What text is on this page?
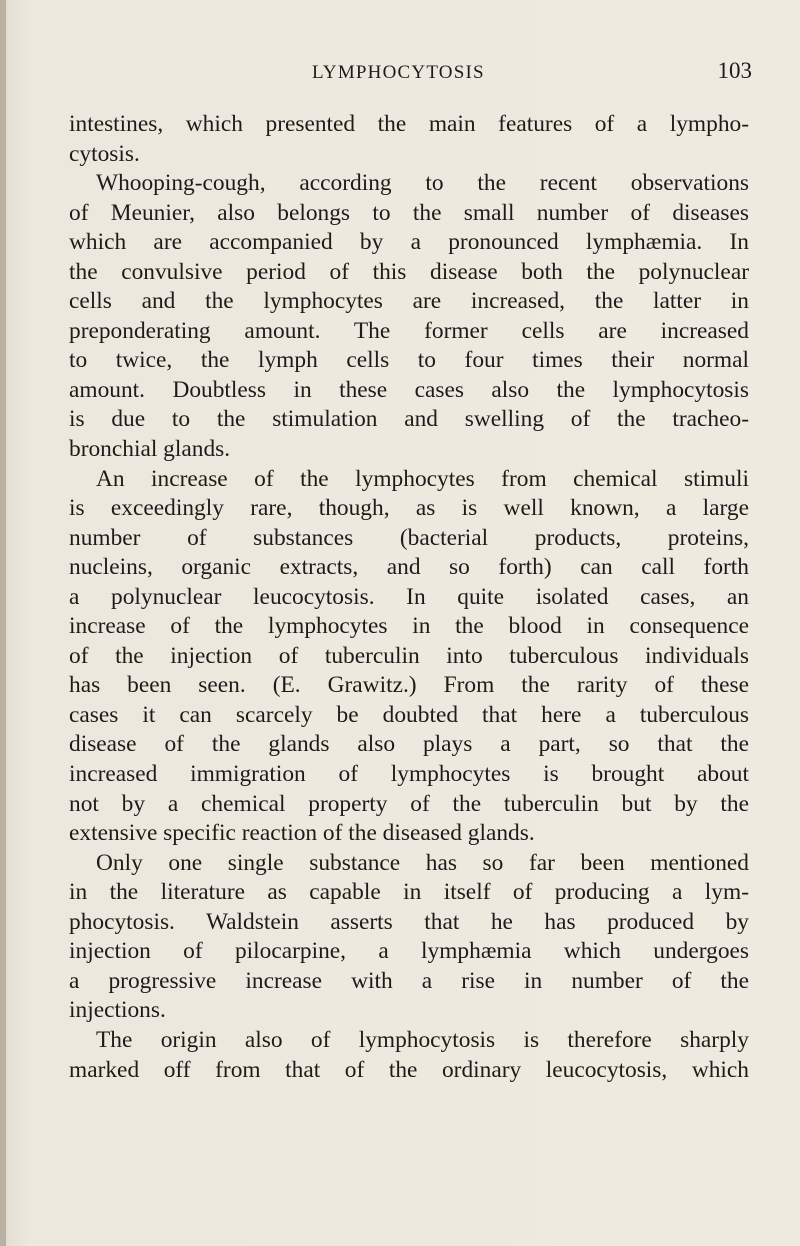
LYMPHOCYTOSIS	103
intestines, which presented the main features of a lympho-
cytosis.
Whooping-cough, according to the recent observations
of Meunier, also belongs to the small number of diseases
which are accompanied by a pronounced lymphæmia. In
the convulsive period of this disease both the polynuclear
cells and the lymphocytes are increased, the latter in
preponderating amount. The former cells are increased
to twice, the lymph cells to four times their normal
amount. Doubtless in these cases also the lymphocytosis
is due to the stimulation and swelling of the tracheo-
bronchial glands.
An increase of the lymphocytes from chemical stimuli
is exceedingly rare, though, as is well known, a large
number of substances (bacterial products, proteins,
nucleins, organic extracts, and so forth) can call forth
a polynuclear leucocytosis. In quite isolated cases, an
increase of the lymphocytes in the blood in consequence
of the injection of tuberculin into tuberculous individuals
has been seen. (E. Grawitz.) From the rarity of these
cases it can scarcely be doubted that here a tuberculous
disease of the glands also plays a part, so that the
increased immigration of lymphocytes is brought about
not by a chemical property of the tuberculin but by the
extensive specific reaction of the diseased glands.
Only one single substance has so far been mentioned
in the literature as capable in itself of producing a lym-
phocytosis. Waldstein asserts that he has produced by
injection of pilocarpine, a lymphæmia which undergoes
a progressive increase with a rise in number of the
injections.
The origin also of lymphocytosis is therefore sharply
marked off from that of the ordinary leucocytosis, which
